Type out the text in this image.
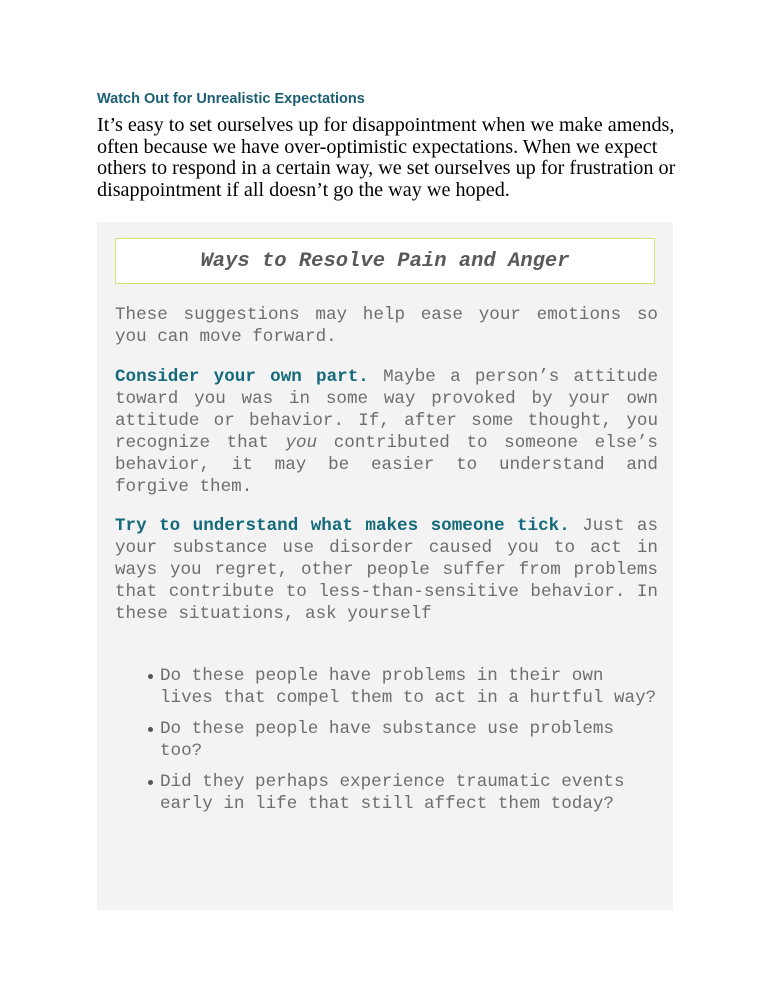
Watch Out for Unrealistic Expectations

It’s easy to set ourselves up for disappointment when we make amends, often because we have over-optimistic expectations. When we expect others to respond in a certain way, we set ourselves up for frustration or disappointment if all doesn’t go the way we hoped.

Ways to Resolve Pain and Anger

These suggestions may help ease your emotions so you can move forward.

Consider your own part. Maybe a person’s attitude toward you was in some way provoked by your own attitude or behavior. If, after some thought, you recognize that you contributed to someone else’s behavior, it may be easier to understand and forgive them.

Try to understand what makes someone tick. Just as your substance use disorder caused you to act in ways you regret, other people suffer from problems that contribute to less-than-sensitive behavior. In these situations, ask yourself

Do these people have problems in their own lives that compel them to act in a hurtful way?
Do these people have substance use problems too?
Did they perhaps experience traumatic events early in life that still affect them today?
